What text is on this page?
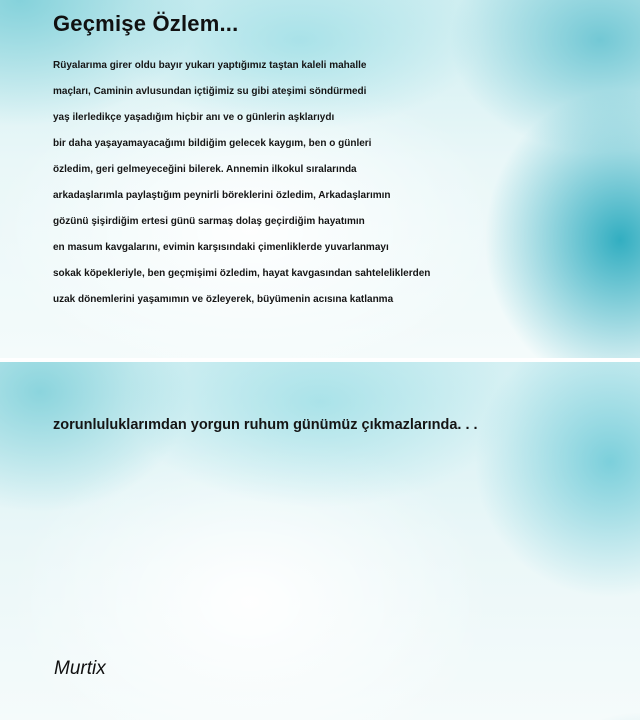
Geçmişe Özlem...
Rüyalarıma girer oldu bayır yukarı yaptığımız taştan kaleli mahalle
maçları, Caminin avlusundan içtiğimiz su gibi ateşimi söndürmedi
yaş ilerledikçe yaşadığım hiçbir anı ve o günlerin aşklarıydı
bir daha yaşayamayacağımı bildiğim gelecek kaygım, ben o günleri
özledim, geri gelmeyeceğini bilerek. Annemin ilkokul sıralarında
arkadaşlarımla paylaştığım peynirli böreklerini özledim, Arkadaşlarımın
gözünü şişirdiğim ertesi günü sarmaş dolaş geçirdiğim hayatımın
en masum kavgalarını, evimin karşısındaki çimenliklerde yuvarlanmayı
sokak köpekleriyle, ben geçmişimi özledim, hayat kavgasından sahteleliklerden
uzak dönemlerini yaşamımın ve özleyerek, büyümenin acısına katlanma

zorunluluklarımdan yorgun ruhum günümüz çıkmazlarında. . .

Murtix
